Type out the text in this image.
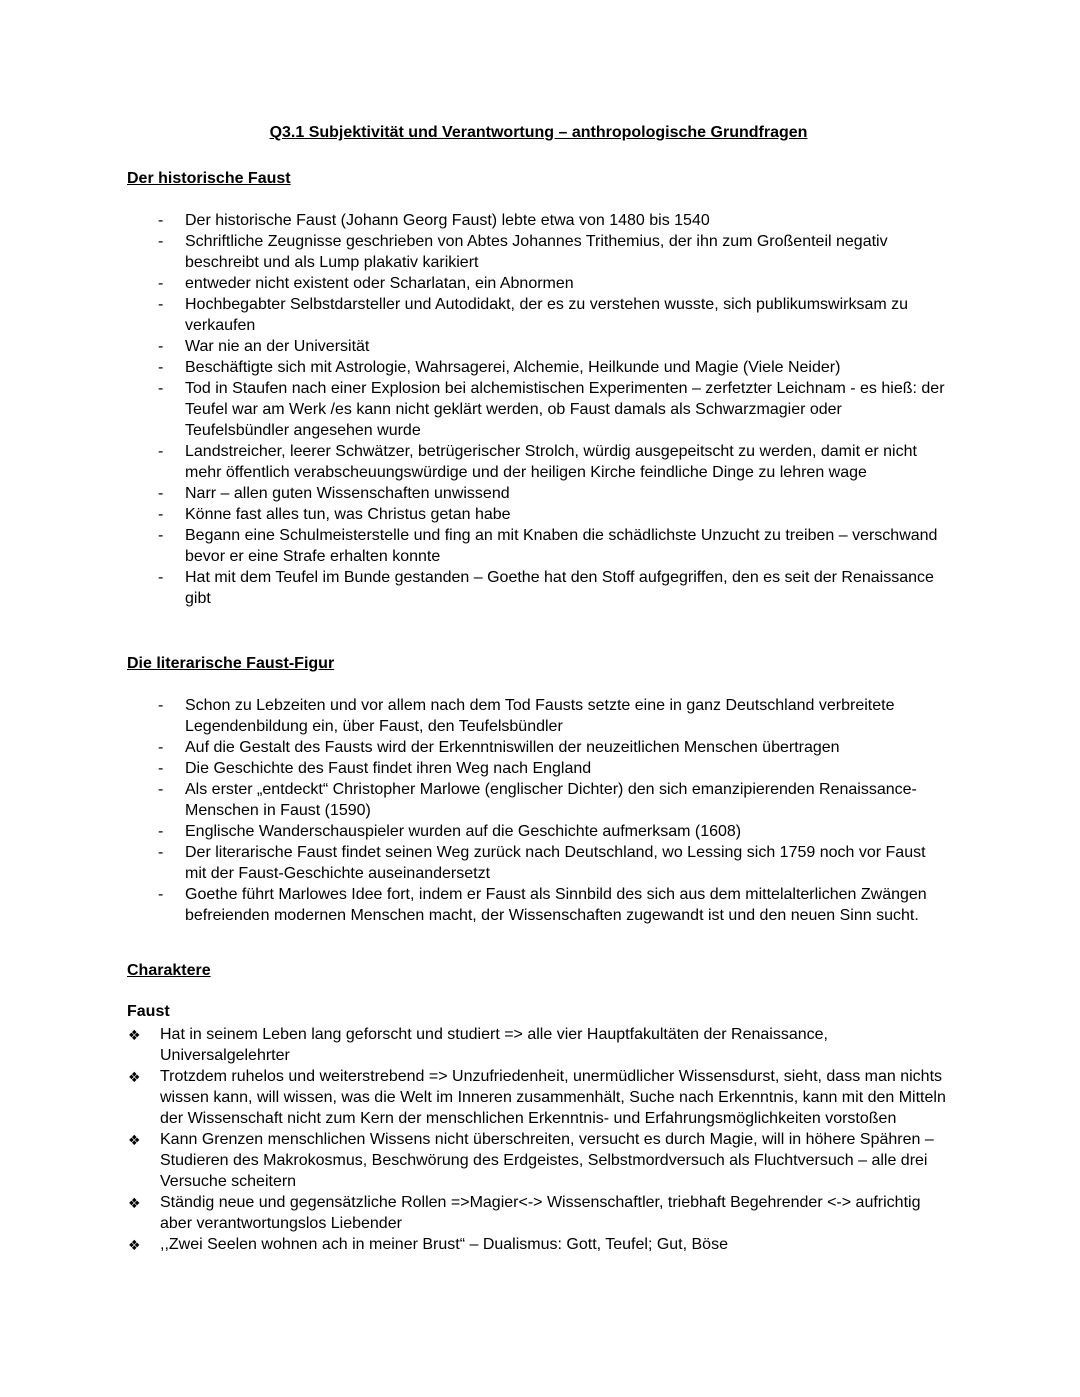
Q3.1 Subjektivität und Verantwortung – anthropologische Grundfragen
Der historische Faust
- Der historische Faust (Johann Georg Faust) lebte etwa von 1480 bis 1540
- Schriftliche Zeugnisse geschrieben von Abtes Johannes Trithemius, der ihn zum Großenteil negativ beschreibt und als Lump plakativ karikiert
- entweder nicht existent oder Scharlatan, ein Abnormen
- Hochbegabter Selbstdarsteller und Autodidakt, der es zu verstehen wusste, sich publikumswirksam zu verkaufen
- War nie an der Universität
- Beschäftigte sich mit Astrologie, Wahrsagerei, Alchemie, Heilkunde und Magie (Viele Neider)
- Tod in Staufen nach einer Explosion bei alchemistischen Experimenten – zerfetzter Leichnam - es hieß: der Teufel war am Werk /es kann nicht geklärt werden, ob Faust damals als Schwarzmagier oder Teufelsbündler angesehen wurde
- Landstreicher, leerer Schwätzer, betrügerischer Strolch, würdig ausgepeitscht zu werden, damit er nicht mehr öffentlich verabscheuungswürdige und der heiligen Kirche feindliche Dinge zu lehren wage
- Narr – allen guten Wissenschaften unwissend
- Könne fast alles tun, was Christus getan habe
- Begann eine Schulmeisterstelle und fing an mit Knaben die schädlichste Unzucht zu treiben – verschwand bevor er eine Strafe erhalten konnte
- Hat mit dem Teufel im Bunde gestanden – Goethe hat den Stoff aufgegriffen, den es seit der Renaissance gibt
Die literarische Faust-Figur
- Schon zu Lebzeiten und vor allem nach dem Tod Fausts setzte eine in ganz Deutschland verbreitete Legendenbildung ein, über Faust, den Teufelsbündler
- Auf die Gestalt des Fausts wird der Erkenntniswillen der neuzeitlichen Menschen übertragen
- Die Geschichte des Faust findet ihren Weg nach England
- Als erster „entdeckt“ Christopher Marlowe (englischer Dichter) den sich emanzipierenden Renaissance-Menschen in Faust (1590)
- Englische Wanderschauspieler wurden auf die Geschichte aufmerksam (1608)
- Der literarische Faust findet seinen Weg zurück nach Deutschland, wo Lessing sich 1759 noch vor Faust mit der Faust-Geschichte auseinandersetzt
- Goethe führt Marlowes Idee fort, indem er Faust als Sinnbild des sich aus dem mittelalterlichen Zwängen befreienden modernen Menschen macht, der Wissenschaften zugewandt ist und den neuen Sinn sucht.
Charaktere
Faust
❖ Hat in seinem Leben lang geforscht und studiert => alle vier Hauptfakultäten der Renaissance, Universalgelehrter
❖ Trotzdem ruhelos und weiterstrebend => Unzufriedenheit, unermüdlicher Wissensdurst, sieht, dass man nichts wissen kann, will wissen, was die Welt im Inneren zusammenhält, Suche nach Erkenntnis, kann mit den Mitteln der Wissenschaft nicht zum Kern der menschlichen Erkenntnis- und Erfahrungsmöglichkeiten vorstoßen
❖ Kann Grenzen menschlichen Wissens nicht überschreiten, versucht es durch Magie, will in höhere Spähren – Studieren des Makrokosmus, Beschwörung des Erdgeistes, Selbstmordversuch als Fluchtversuch – alle drei Versuche scheitern
❖ Ständig neue und gegensätzliche Rollen =>Magier<-> Wissenschaftler, triebhaft Begehrender <-> aufrichtig aber verantwortungslos Liebender
❖ ,,Zwei Seelen wohnen ach in meiner Brust“ – Dualismus: Gott, Teufel; Gut, Böse
